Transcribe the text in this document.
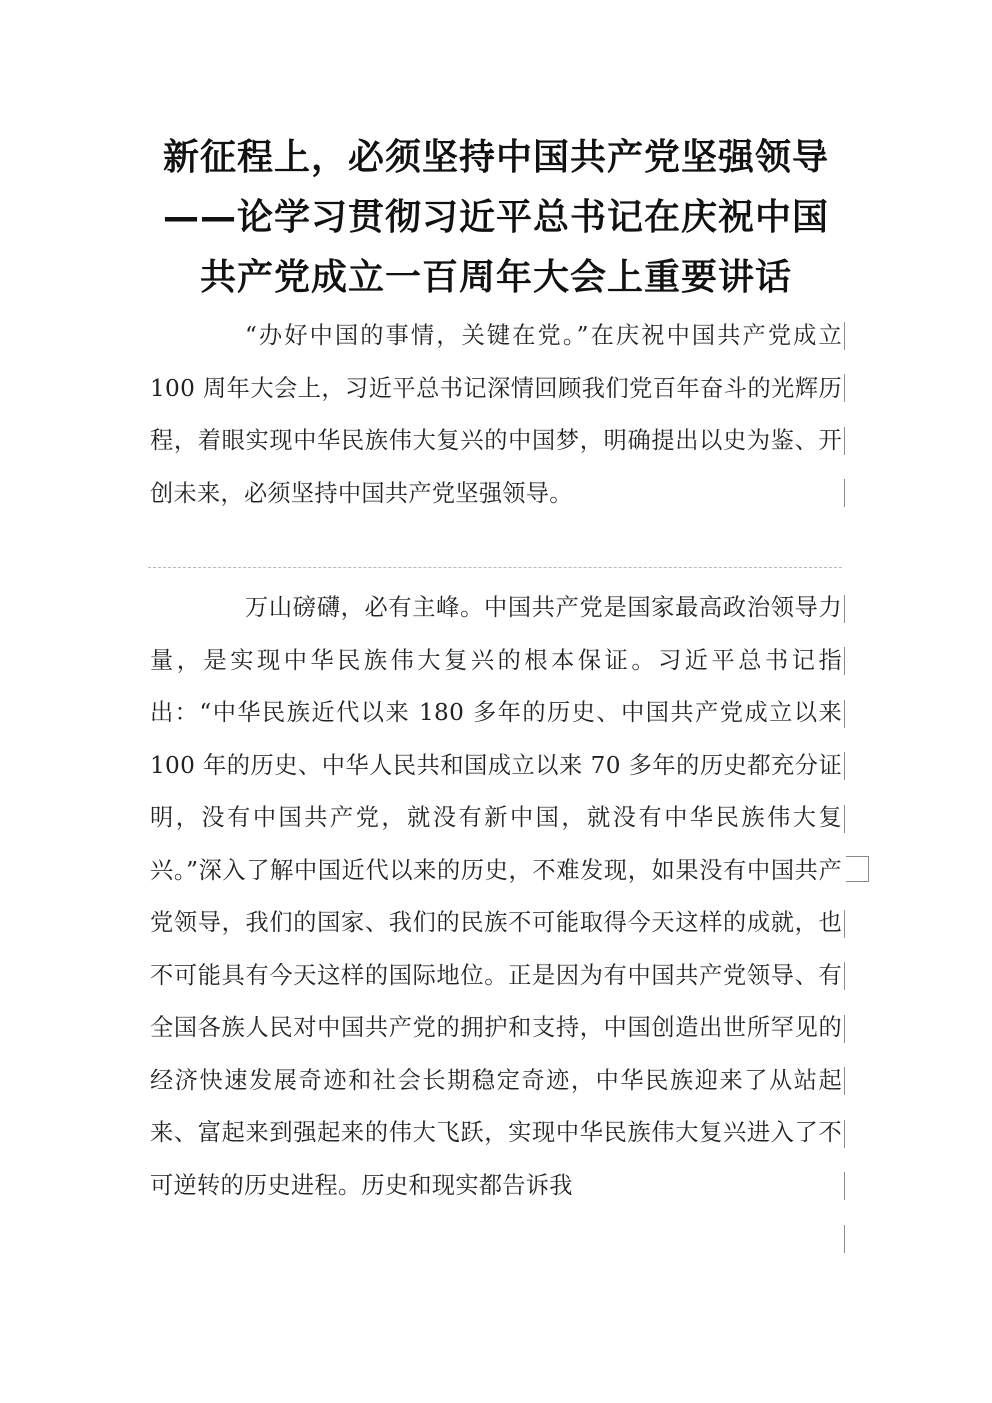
新征程上，必须坚持中国共产党坚强领导
——论学习贯彻习近平总书记在庆祝中国
共产党成立一百周年大会上重要讲话
“办好中国的事情，关键在党。”在庆祝中国共产党成立 100 周年大会上，习近平总书记深情回顾我们党百年奋斗的光辉历程，着眼实现中华民族伟大复兴的中国梦，明确提出以史为鉴、开创未来，必须坚持中国共产党坚强领导。
万山磅礴，必有主峰。中国共产党是国家最高政治领导力量，是实现中华民族伟大复兴的根本保证。习近平总书记指出：“中华民族近代以来 180 多年的历史、中国共产党成立以来 100 年的历史、中华人民共和国成立以来 70 多年的历史都充分证明，没有中国共产党，就没有新中国，就没有中华民族伟大复兴。”深入了解中国近代以来的历史，不难发现，如果没有中国共产党领导，我们的国家、我们的民族不可能取得今天这样的成就，也不可能具有今天这样的国际地位。正是因为有中国共产党领导、有全国各族人民对中国共产党的拥护和支持，中国创造出世所罕见的经济快速发展奇迹和社会长期稳定奇迹，中华民族迎来了从站起来、富起来到强起来的伟大飞跃，实现中华民族伟大复兴进入了不可逆转的历史进程。历史和现实都告诉我
